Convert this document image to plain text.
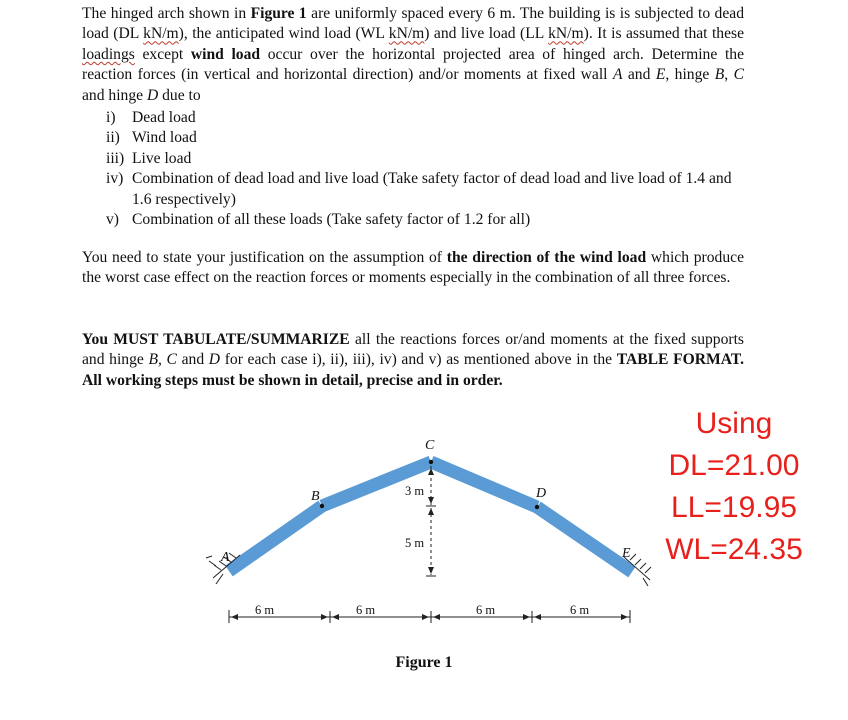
The hinged arch shown in Figure 1 are uniformly spaced every 6 m. The building is is subjected to dead load (DL kN/m), the anticipated wind load (WL kN/m) and live load (LL kN/m). It is assumed that these loadings except wind load occur over the horizontal projected area of hinged arch. Determine the reaction forces (in vertical and horizontal direction) and/or moments at fixed wall A and E, hinge B, C and hinge D due to
i)	Dead load
ii) Wind load
iii) Live load
iv) Combination of dead load and live load (Take safety factor of dead load and live load of 1.4 and 1.6 respectively)
v) Combination of all these loads (Take safety factor of 1.2 for all)
You need to state your justification on the assumption of the direction of the wind load which produce the worst case effect on the reaction forces or moments especially in the combination of all three forces.
You MUST TABULATE/SUMMARIZE all the reactions forces or/and moments at the fixed supports and hinge B, C and D for each case i), ii), iii), iv) and v) as mentioned above in the TABLE FORMAT. All working steps must be shown in detail, precise and in order.
A
B
C
D
E
3 m
5 m
6 m	6 m	6 m	6 m
Using
DL=21.00
LL=19.95
WL=24.35
Figure 1
